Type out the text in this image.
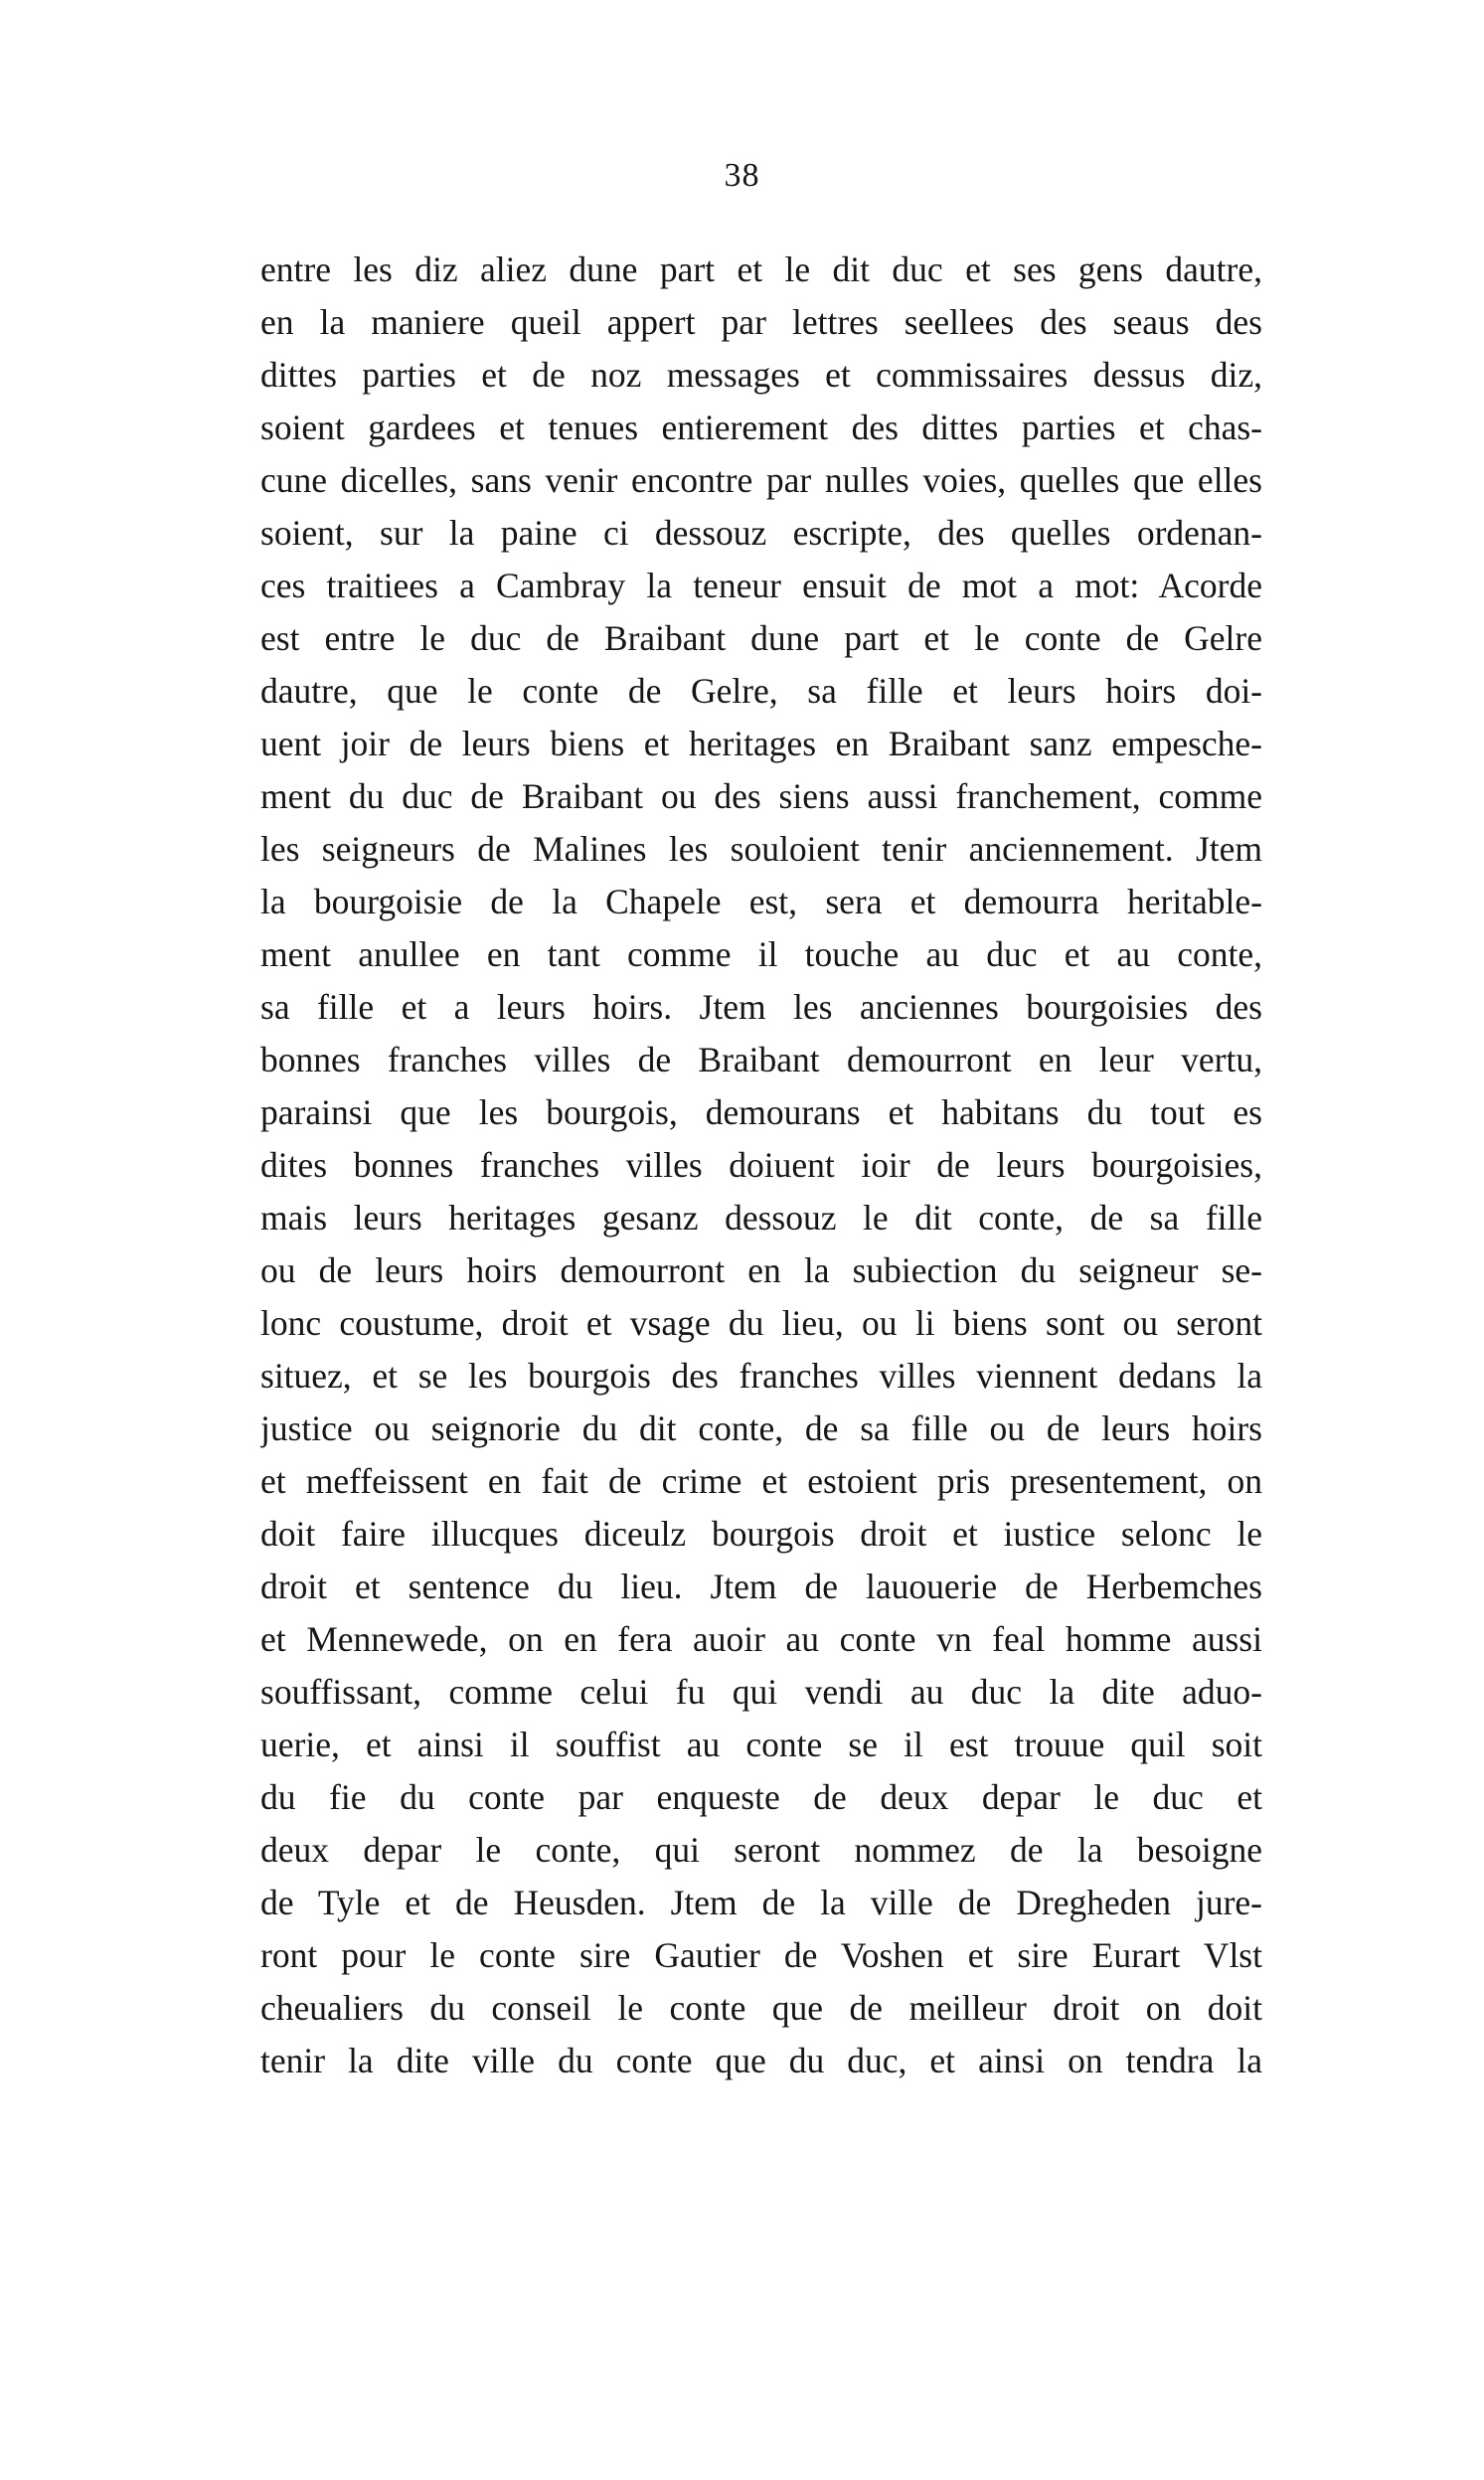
38
entre les diz aliez dune part et le dit duc et ses gens dautre,
en la maniere queil appert par lettres seellees des seaus des
dittes parties et de noz messages et commissaires dessus diz,
soient gardees et tenues entierement des dittes parties et chas-
cune dicelles, sans venir encontre par nulles voies, quelles que elles
soient, sur la paine ci dessouz escripte, des quelles ordenan-
ces traitiees a Cambray la teneur ensuit de mot a mot: Acorde
est entre le duc de Braibant dune part et le conte de Gelre
dautre, que le conte de Gelre, sa fille et leurs hoirs doi-
uent joir de leurs biens et heritages en Braibant sanz empesche-
ment du duc de Braibant ou des siens aussi franchement, comme
les seigneurs de Malines les souloient tenir anciennement. Jtem
la bourgoisie de la Chapele est, sera et demourra heritable-
ment anullee en tant comme il touche au duc et au conte,
sa fille et a leurs hoirs. Jtem les anciennes bourgoisies des
bonnes franches villes de Braibant demourront en leur vertu,
parainsi que les bourgois, demourans et habitans du tout es
dites bonnes franches villes doiuent ioir de leurs bourgoisies,
mais leurs heritages gesanz dessouz le dit conte, de sa fille
ou de leurs hoirs demourront en la subiection du seigneur se-
lonc coustume, droit et vsage du lieu, ou li biens sont ou seront
situez, et se les bourgois des franches villes viennent dedans la
justice ou seignorie du dit conte, de sa fille ou de leurs hoirs
et meffeissent en fait de crime et estoient pris presentement, on
doit faire illucques diceulz bourgois droit et iustice selonc le
droit et sentence du lieu. Jtem de lauouerie de Herbemches
et Mennewede, on en fera auoir au conte vn feal homme aussi
souffissant, comme celui fu qui vendi au duc la dite aduo-
uerie, et ainsi il souffist au conte se il est trouue quil soit
du fie du conte par enqueste de deux depar le duc et
deux depar le conte, qui seront nommez de la besoigne
de Tyle et de Heusden. Jtem de la ville de Dregheden jure-
ront pour le conte sire Gautier de Voshen et sire Eurart Vlst
cheualiers du conseil le conte que de meilleur droit on doit
tenir la dite ville du conte que du duc, et ainsi on tendra la
